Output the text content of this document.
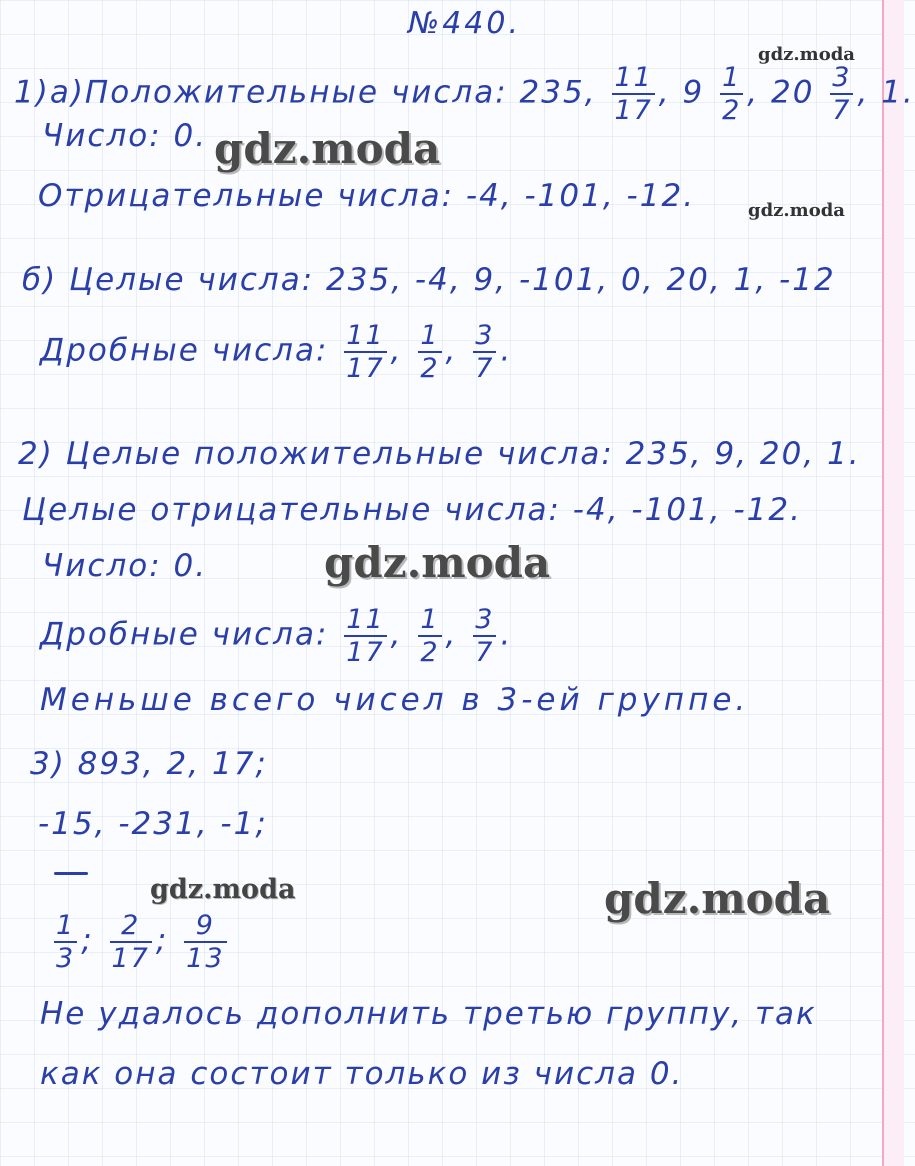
№440.
1)а)Положительные числа: 235, $\frac{11}{17}$ , $9 \frac{1}{2}$ , $20 \frac{3}{7}$ , 1.
Число: 0.
Отрицательные числа: -4, -101, -12.
б) Целые числа: 235, -4, 9, -101, 0, 20, 1, -12
Дробные числа: $\frac{11}{17}$ , $\frac{1}{2}$ , $\frac{3}{7}$ .
2) Целые положительные числа: 235, 9, 20, 1.
Целые отрицательные числа: -4, -101, -12.
Число: 0.
Дробные числа: $\frac{11}{17}$ , $\frac{1}{2}$ , $\frac{3}{7}$ .
Меньше всего чисел в 3-ей группе.
3) 893, 2, 17;
-15, -231, -1;
$\frac{1}{3}$ ; $\frac{2}{17}$ ; $\frac{9}{13}$
Не удалось дополнить третью группу, так
как она состоит только из числа 0.
gdz.moda
gdz.moda
gdz.moda
gdz.moda
gdz.moda	gdz.moda
